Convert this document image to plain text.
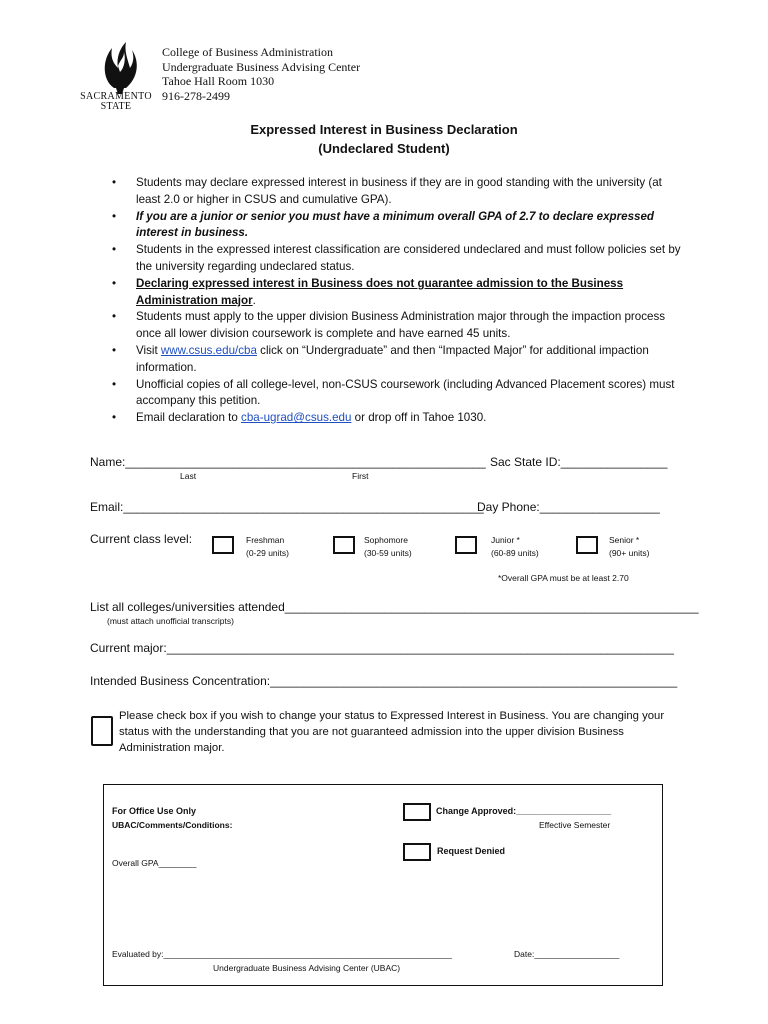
SACRAMENTO
STATE
College of Business Administration
Undergraduate Business Advising Center
Tahoe Hall Room 1030
916-278-2499
Expressed Interest in Business Declaration
(Undeclared Student)
• Students may declare expressed interest in business if they are in good standing with the university (at least 2.0 or higher in CSUS and cumulative GPA).
• If you are a junior or senior you must have a minimum overall GPA of 2.7 to declare expressed interest in business.
• Students in the expressed interest classification are considered undeclared and must follow policies set by the university regarding undeclared status.
• Declaring expressed interest in Business does not guarantee admission to the Business Administration major.
• Students must apply to the upper division Business Administration major through the impaction process once all lower division coursework is complete and have earned 45 units.
• Visit www.csus.edu/cba click on “Undergraduate” and then “Impacted Major” for additional impaction information.
• Unofficial copies of all college-level, non-CSUS coursework (including Advanced Placement scores) must accompany this petition.
• Email declaration to cba-ugrad@csus.edu or drop off in Tahoe 1030.
Name:______________________________________________________ Sac State ID:________________
Last	First
Email:______________________________________________________
Day Phone:__________________
Current class level:	Freshman
(0-29 units)
Sophomore
(30-59 units)
Junior *
(60-89 units)
Senior *
(90+ units)
*Overall GPA must be at least 2.70
List all colleges/universities attended______________________________________________________________
(must attach unofficial transcripts)
Current major:____________________________________________________________________________
Intended Business Concentration:_____________________________________________________________
Please check box if you wish to change your status to Expressed Interest in Business. You are changing your status with the understanding that you are not guaranteed admission into the upper division Business Administration major.
For Office Use Only
UBAC/Comments/Conditions:
Overall GPA________
Change Approved:___________________
Effective Semester
Request Denied
Evaluated by:_____________________________________________________________	Date:__________________
Undergraduate Business Advising Center (UBAC)
